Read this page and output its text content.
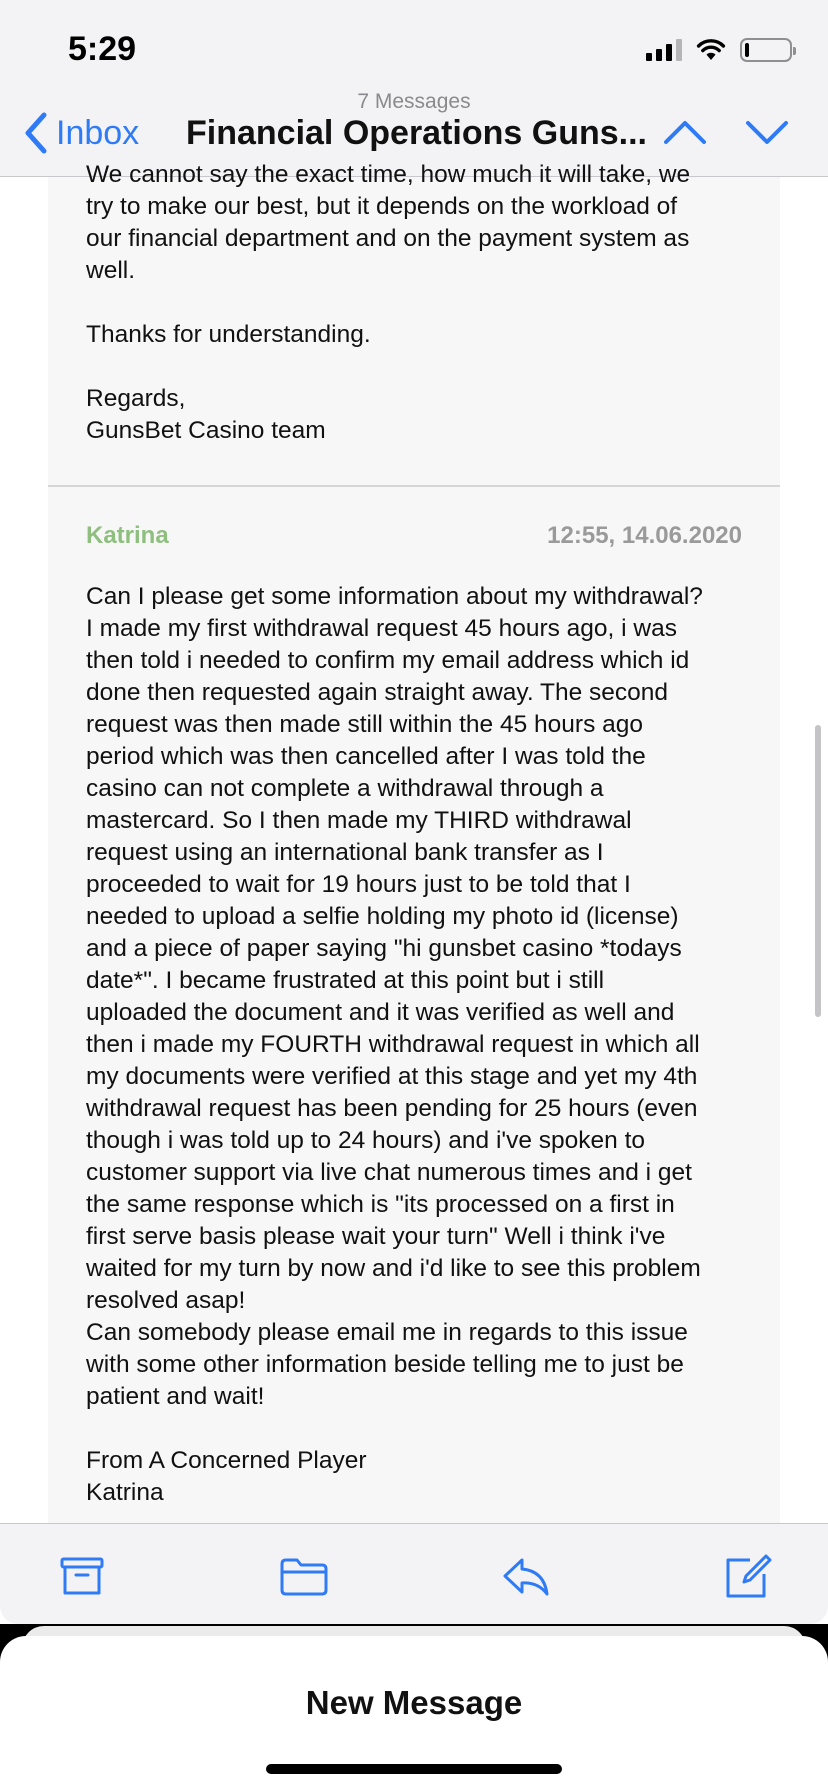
5:29
7 Messages
Inbox Financial Operations Guns...

We cannot say the exact time, how much it will take, we
try to make our best, but it depends on the workload of
our financial department and on the payment system as
well.

Thanks for understanding.

Regards,
GunsBet Casino team

Katrina	12:55, 14.06.2020

Can I please get some information about my withdrawal?
I made my first withdrawal request 45 hours ago, i was
then told i needed to confirm my email address which id
done then requested again straight away. The second
request was then made still within the 45 hours ago
period which was then cancelled after I was told the
casino can not complete a withdrawal through a
mastercard. So I then made my THIRD withdrawal
request using an international bank transfer as I
proceeded to wait for 19 hours just to be told that I
needed to upload a selfie holding my photo id (license)
and a piece of paper saying "hi gunsbet casino *todays
date*". I became frustrated at this point but i still
uploaded the document and it was verified as well and
then i made my FOURTH withdrawal request in which all
my documents were verified at this stage and yet my 4th
withdrawal request has been pending for 25 hours (even
though i was told up to 24 hours) and i've spoken to
customer support via live chat numerous times and i get
the same response which is "its processed on a first in
first serve basis please wait your turn" Well i think i've
waited for my turn by now and i'd like to see this problem
resolved asap!
Can somebody please email me in regards to this issue
with some other information beside telling me to just be
patient and wait!

From A Concerned Player
Katrina

New Message
